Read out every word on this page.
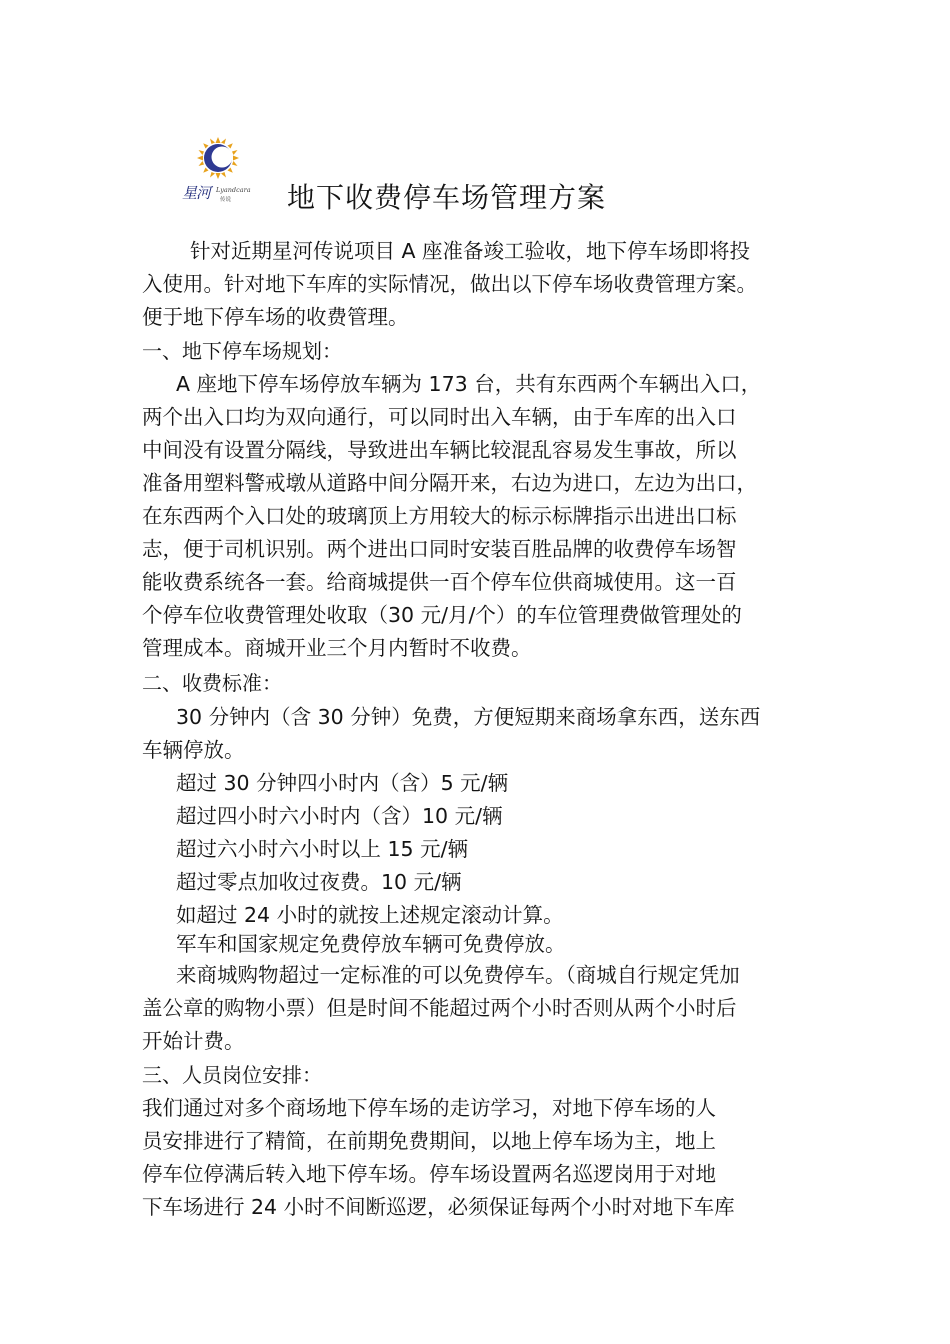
星河 Lyandcara
传说 地下收费停车场管理方案

针对近期星河传说项目 A 座准备竣工验收，地下停车场即将投

入使用。针对地下车库的实际情况，做出以下停车场收费管理方案。

便于地下停车场的收费管理。

一、地下停车场规划：

A 座地下停车场停放车辆为 173 台，共有东西两个车辆出入口，

两个出入口均为双向通行，可以同时出入车辆，由于车库的出入口

中间没有设置分隔线，导致进出车辆比较混乱容易发生事故，所以

准备用塑料警戒墩从道路中间分隔开来，右边为进口，左边为出口，

在东西两个入口处的玻璃顶上方用较大的标示标牌指示出进出口标

志，便于司机识别。两个进出口同时安装百胜品牌的收费停车场智

能收费系统各一套。给商城提供一百个停车位供商城使用。这一百

个停车位收费管理处收取（30 元/月/个）的车位管理费做管理处的

管理成本。商城开业三个月内暂时不收费。

二、收费标准：

30 分钟内（含 30 分钟）免费，方便短期来商场拿东西，送东西

车辆停放。

超过 30 分钟四小时内（含）5 元/辆

超过四小时六小时内（含）10 元/辆

超过六小时六小时以上 15 元/辆

超过零点加收过夜费。10 元/辆

如超过 24 小时的就按上述规定滚动计算。

军车和国家规定免费停放车辆可免费停放。

来商城购物超过一定标准的可以免费停车。（商城自行规定凭加

盖公章的购物小票）但是时间不能超过两个小时否则从两个小时后

开始计费。

三、人员岗位安排：

我们通过对多个商场地下停车场的走访学习，对地下停车场的人

员安排进行了精简，在前期免费期间，以地上停车场为主，地上

停车位停满后转入地下停车场。停车场设置两名巡逻岗用于对地

下车场进行 24 小时不间断巡逻，必须保证每两个小时对地下车库
